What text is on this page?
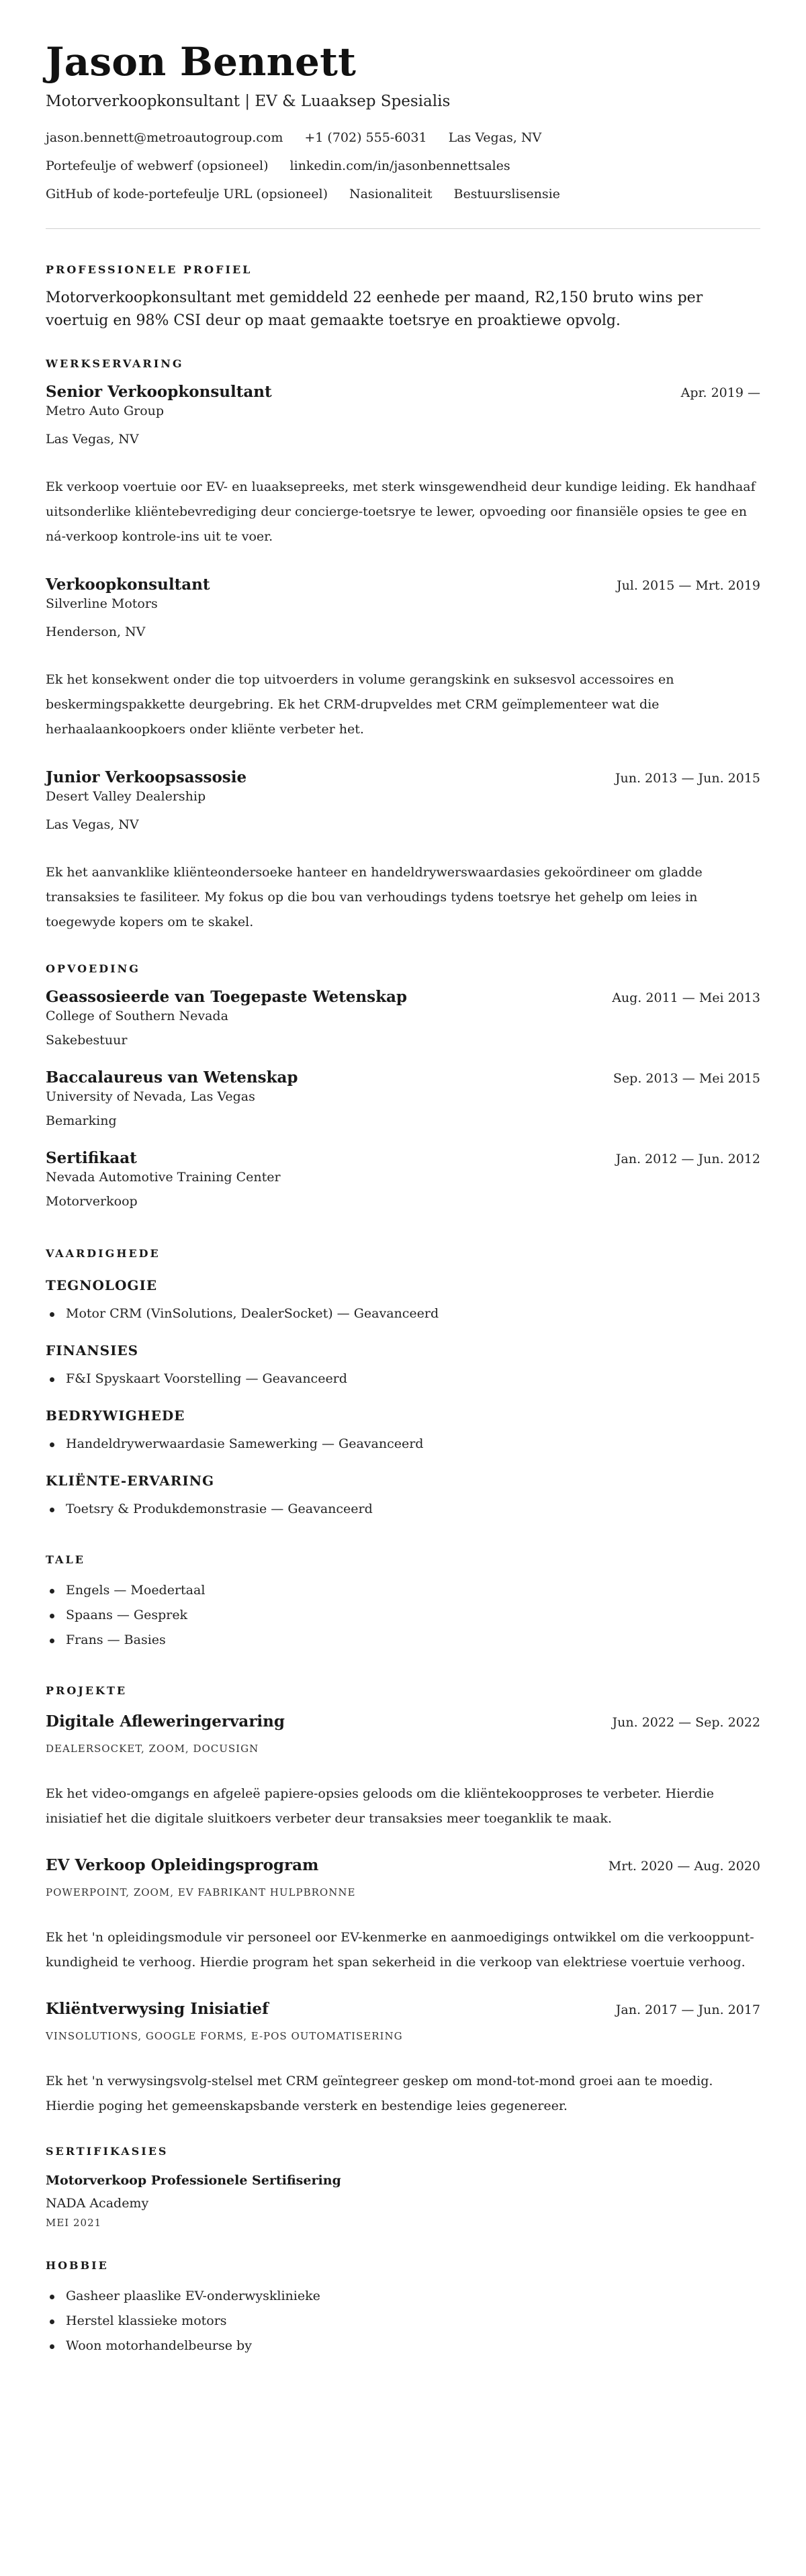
Jason Bennett
Motorverkoopkonsultant | EV & Luaaksep Spesialis
jason.bennett@metroautogroup.com +1 (702) 555-6031 Las Vegas, NV
Portefeulje of webwerf (opsioneel) linkedin.com/in/jasonbennettsales
GitHub of kode-portefeulje URL (opsioneel) Nasionaliteit Bestuurslisensie
PROFESSIONELE PROFIEL
Motorverkoopkonsultant met gemiddeld 22 eenhede per maand, R2,150 bruto wins per voertuig en 98% CSI deur op maat gemaakte toetsrye en proaktiewe opvolg.
WERKSERVARING
Senior Verkoopkonsultant	Apr. 2019 —
Metro Auto Group
Las Vegas, NV
Ek verkoop voertuie oor EV- en luaaksepreeks, met sterk winsgewendheid deur kundige leiding. Ek handhaaf uitsonderlike kliëntebevrediging deur concierge-toetsrye te lewer, opvoeding oor finansiële opsies te gee en ná-verkoop kontrole-ins uit te voer.
Verkoopkonsultant	Jul. 2015 — Mrt. 2019
Silverline Motors
Henderson, NV
Ek het konsekwent onder die top uitvoerders in volume gerangskink en suksesvol accessoires en beskermingspakkette deurgebring. Ek het CRM-drupveldes met CRM geïmplementeer wat die herhaalaankoopkoers onder kliënte verbeter het.
Junior Verkoopsassosie	Jun. 2013 — Jun. 2015
Desert Valley Dealership
Las Vegas, NV
Ek het aanvanklike kliënteondersoeke hanteer en handeldrywerswaardasies gekoördineer om gladde transaksies te fasiliteer. My fokus op die bou van verhoudings tydens toetsrye het gehelp om leies in toegewyde kopers om te skakel.
OPVOEDING
Geassosieerde van Toegepaste Wetenskap	Aug. 2011 — Mei 2013
College of Southern Nevada
Sakebestuur
Baccalaureus van Wetenskap	Sep. 2013 — Mei 2015
University of Nevada, Las Vegas
Bemarking
Sertifikaat	Jan. 2012 — Jun. 2012
Nevada Automotive Training Center
Motorverkoop
VAARDIGHEDE
TEGNOLOGIE
Motor CRM (VinSolutions, DealerSocket) — Geavanceerd
FINANSIES
F&I Spyskaart Voorstelling — Geavanceerd
BEDRYWIGHEDE
Handeldrywerwaardasie Samewerking — Geavanceerd
KLIËNTE-ERVARING
Toetsry & Produkdemonstrasie — Geavanceerd
TALE
Engels — Moedertaal
Spaans — Gesprek
Frans — Basies
PROJEKTE
Digitale Afleweringervaring	Jun. 2022 — Sep. 2022
DEALERSOCKET, ZOOM, DOCUSIGN
Ek het video-omgangs en afgeleë papiere-opsies geloods om die kliëntekoopproses te verbeter. Hierdie inisiatief het die digitale sluitkoers verbeter deur transaksies meer toeganklik te maak.
EV Verkoop Opleidingsprogram	Mrt. 2020 — Aug. 2020
POWERPOINT, ZOOM, EV FABRIKANT HULPBRONNE
Ek het 'n opleidingsmodule vir personeel oor EV-kenmerke en aanmoedigings ontwikkel om die verkooppunt- kundigheid te verhoog. Hierdie program het span sekerheid in die verkoop van elektriese voertuie verhoog.
Kliëntverwysing Inisiatief	Jan. 2017 — Jun. 2017
VINSOLUTIONS, GOOGLE FORMS, E-POS OUTOMATISERING
Ek het 'n verwysingsvolg-stelsel met CRM geïntegreer geskep om mond-tot-mond groei aan te moedig. Hierdie poging het gemeenskapsbande versterk en bestendige leies gegenereer.
SERTIFIKASIES
Motorverkoop Professionele Sertifisering
NADA Academy
MEI 2021
HOBBIE
Gasheer plaaslike EV-onderwysklinieke
Herstel klassieke motors
Woon motorhandelbeurse by
